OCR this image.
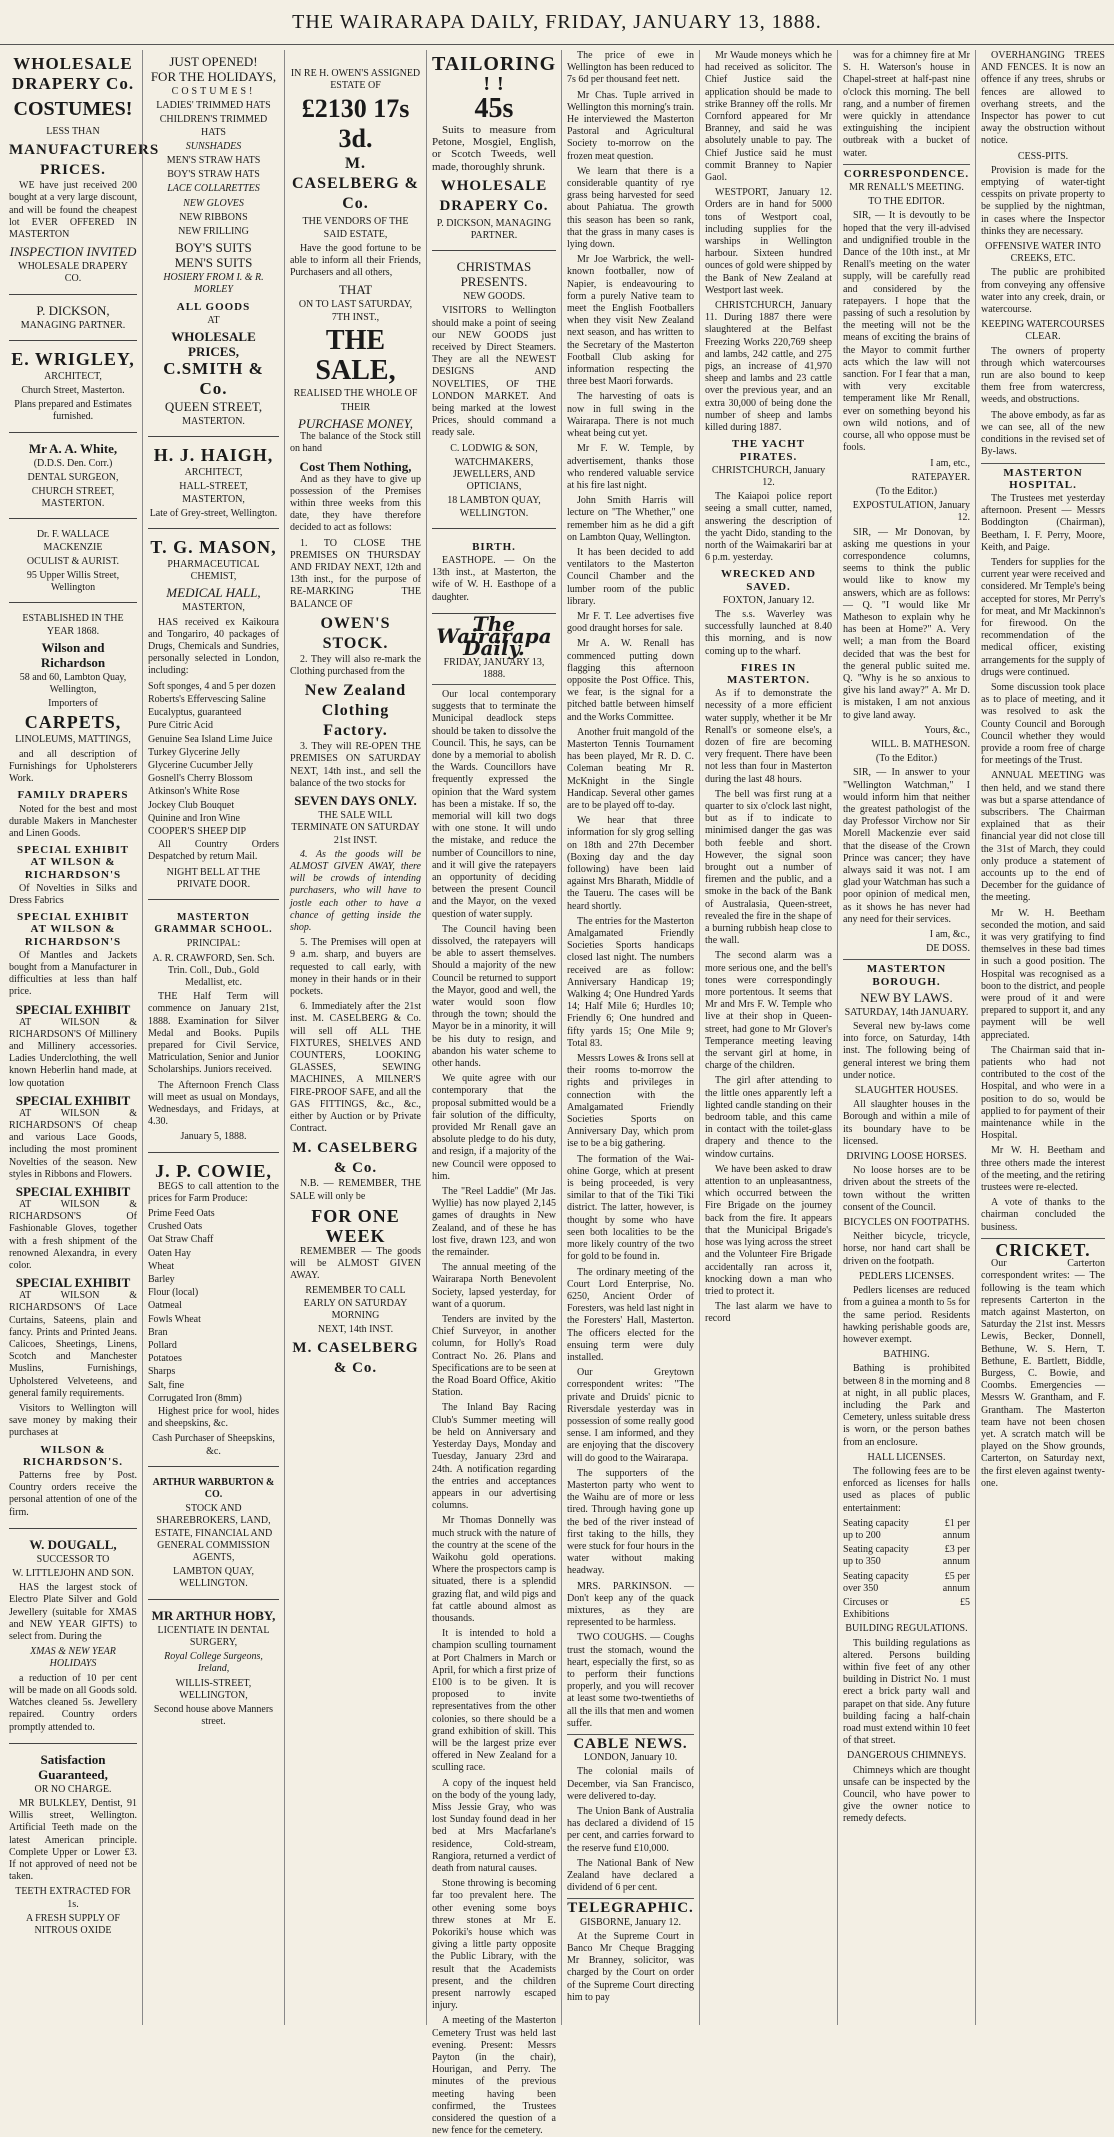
THE WAIRARAPA DAILY, FRIDAY, JANUARY 13, 1888.
WHOLESALE DRAPERY Co.
COSTUMES!
LESS THAN
MANUFACTURERS PRICES.
WE have just received 200 bought at a very large discount, and will be found the cheapest lot EVER OFFERED IN MASTERTON
INSPECTION INVITED
WHOLESALE DRAPERY CO.
P. DICKSON,
MANAGING PARTNER.
E. WRIGLEY,
ARCHITECT,
Church Street, Masterton.
Plans prepared and Estimates furnished.
Mr A. A. White,
(D.D.S. Den. Corr.)
DENTAL SURGEON,
CHURCH STREET, MASTERTON.
Dr. F. WALLACE MACKENZIE
OCULIST & AURIST.
95 Upper Willis Street, Wellington
ESTABLISHED IN THE YEAR 1868.
Wilson and Richardson
58 and 60, Lambton Quay, Wellington,
Importers of
CARPETS,
LINOLEUMS, MATTINGS,
and all description of Furnishings for Upholsterers Work.
FAMILY DRAPERS
Noted for the best and most durable Makers in Manchester and Linen Goods.
SPECIAL EXHIBIT AT WILSON & RICHARDSON'S
Of Novelties in Silks and Dress Fabrics
SPECIAL EXHIBIT AT WILSON & RICHARDSON'S
Of Mantles and Jackets bought from a Manufacturer in difficulties at less than half price.
SPECIAL EXHIBIT
AT WILSON & RICHARDSON'S Of Millinery and Millinery accessories. Ladies Underclothing, the well known Heberlin hand made, at low quotation
SPECIAL EXHIBIT
AT WILSON & RICHARDSON'S Of cheap and various Lace Goods, including the most prominent Novelties of the season. New styles in Ribbons and Flowers.
SPECIAL EXHIBIT
AT WILSON & RICHARDSON'S Of Fashionable Gloves, together with a fresh shipment of the renowned Alexandra, in every color.
SPECIAL EXHIBIT
AT WILSON & RICHARDSON'S Of Lace Curtains, Sateens, plain and fancy. Prints and Printed Jeans. Calicoes, Sheetings, Linens, Scotch and Manchester Muslins, Furnishings, Upholstered Velveteens, and general family requirements.
Visitors to Wellington will save money by making their purchases at
WILSON & RICHARDSON'S.
Patterns free by Post. Country orders receive the personal attention of one of the firm.
W. DOUGALL,
SUCCESSOR TO
W. LITTLEJOHN AND SON.
HAS the largest stock of Electro Plate Silver and Gold Jewellery (suitable for XMAS and NEW YEAR GIFTS) to select from. During the
XMAS & NEW YEAR HOLIDAYS
a reduction of 10 per cent will be made on all Goods sold. Watches cleaned 5s. Jewellery repaired. Country orders promptly attended to.
Satisfaction Guaranteed,
OR NO CHARGE.
MR BULKLEY, Dentist, 91 Willis street, Wellington. Artificial Teeth made on the latest American principle. Complete Upper or Lower £3. If not approved of need not be taken.
TEETH EXTRACTED FOR 1s.
A FRESH SUPPLY OF NITROUS OXIDE
JUST OPENED!
FOR THE HOLIDAYS,
COSTUMES!
LADIES' TRIMMED HATS
CHILDREN'S TRIMMED HATS
SUNSHADES
MEN'S STRAW HATS
BOY'S STRAW HATS
LACE COLLARETTES
NEW GLOVES
NEW RIBBONS
NEW FRILLING
BOY'S SUITS
MEN'S SUITS
HOSIERY FROM I. & R. MORLEY
ALL GOODS
AT
WHOLESALE PRICES,
C.SMITH & Co.
QUEEN STREET,
MASTERTON.
H. J. HAIGH,
ARCHITECT,
HALL-STREET, MASTERTON,
Late of Grey-street, Wellington.
T. G. MASON,
PHARMACEUTICAL CHEMIST,
MEDICAL HALL,
MASTERTON,
HAS received ex Kaikoura and Tongariro, 40 packages of Drugs, Chemicals and Sundries, personally selected in London, including:
Soft sponges, 4 and 5 per dozen
Roberts's Effervescing Saline
Eucalyptus, guaranteed
Pure Citric Acid
Genuine Sea Island Lime Juice
Turkey Glycerine Jelly
Glycerine Cucumber Jelly
Gosnell's Cherry Blossom
Atkinson's White Rose
Jockey Club Bouquet
Quinine and Iron Wine
COOPER'S SHEEP DIP
All Country Orders Despatched by return Mail.
NIGHT BELL AT THE PRIVATE DOOR.
MASTERTON GRAMMAR SCHOOL.
PRINCIPAL:
A. R. CRAWFORD, Sen. Sch. Trin. Coll., Dub., Gold Medallist, etc.
THE Half Term will commence on January 21st, 1888. Examination for Silver Medal and Books. Pupils prepared for Civil Service, Matriculation, Senior and Junior Scholarships. Juniors received.
The Afternoon French Class will meet as usual on Mondays, Wednesdays, and Fridays, at 4.30.
January 5, 1888.
J. P. COWIE,
BEGS to call attention to the prices for Farm Produce:
Prime Feed Oats
Crushed Oats
Oat Straw Chaff
Oaten Hay
Wheat
Barley
Flour (local)
Oatmeal
Fowls Wheat
Bran
Pollard
Potatoes
Sharps
Salt, fine
Corrugated Iron (8mm)
Highest price for wool, hides and sheepskins, &c.
Cash Purchaser of Sheepskins, &c.
ARTHUR WARBURTON & CO.
STOCK AND SHAREBROKERS, LAND, ESTATE, FINANCIAL AND GENERAL COMMISSION AGENTS,
LAMBTON QUAY, WELLINGTON.
MR ARTHUR HOBY,
LICENTIATE IN DENTAL SURGERY,
Royal College Surgeons, Ireland,
WILLIS-STREET, WELLINGTON,
Second house above Manners street.
IN RE H. OWEN'S ASSIGNED ESTATE OF
£2130 17s 3d.
M. CASELBERG & Co.
THE VENDORS OF THE SAID ESTATE,
Have the good fortune to be able to inform all their Friends, Purchasers and all others,
THAT
ON TO LAST SATURDAY, 7TH INST.,
THE SALE,
REALISED THE WHOLE OF
THEIR
PURCHASE MONEY,
The balance of the Stock still on hand
Cost Them Nothing,
And as they have to give up possession of the Premises within three weeks from this date, they have therefore decided to act as follows:
1. TO CLOSE THE PREMISES ON THURSDAY AND FRIDAY NEXT, 12th and 13th inst., for the purpose of RE-MARKING THE BALANCE OF
OWEN'S STOCK.
2. They will also re-mark the Clothing purchased from the
New Zealand Clothing Factory.
3. They will RE-OPEN THE PREMISES ON SATURDAY NEXT, 14th inst., and sell the balance of the two stocks for
SEVEN DAYS ONLY.
THE SALE WILL TERMINATE ON SATURDAY 21st INST.
4. As the goods will be ALMOST GIVEN AWAY, there will be crowds of intending purchasers, who will have to jostle each other to have a chance of getting inside the shop.
5. The Premises will open at 9 a.m. sharp, and buyers are requested to call early, with money in their hands or in their pockets.
6. Immediately after the 21st inst. M. CASELBERG & Co. will sell off ALL THE FIXTURES, SHELVES AND COUNTERS, LOOKING GLASSES, SEWING MACHINES, A MILNER'S FIRE-PROOF SAFE, and all the GAS FITTINGS, &c., &c., either by Auction or by Private Contract.
M. CASELBERG & Co.
N.B. — REMEMBER, THE SALE will only be
FOR ONE WEEK
REMEMBER — The goods will be ALMOST GIVEN AWAY.
REMEMBER TO CALL EARLY ON SATURDAY MORNING
NEXT, 14th INST.
M. CASELBERG & Co.
TAILORING ! !
45s
Suits to measure from Petone, Mosgiel, English, or Scotch Tweeds, well made, thoroughly shrunk.
WHOLESALE DRAPERY Co.
P. DICKSON, MANAGING PARTNER.
CHRISTMAS PRESENTS.
NEW GOODS.
VISITORS to Wellington should make a point of seeing our NEW GOODS just received by Direct Steamers. They are all the NEWEST DESIGNS AND NOVELTIES, OF THE LONDON MARKET. And being marked at the lowest Prices, should command a ready sale.
C. LODWIG & SON,
WATCHMAKERS, JEWELLERS, AND OPTICIANS,
18 LAMBTON QUAY, WELLINGTON.
BIRTH.
EASTHOPE. — On the 13th inst., at Masterton, the wife of W. H. Easthope of a daughter.
The Wairarapa Daily.
FRIDAY, JANUARY 13, 1888.
Our local contemporary suggests that to terminate the Municipal deadlock steps should be taken to dissolve the Council. This, he says, can be done by a memorial to abolish the Wards. Councillors have frequently expressed the opinion that the Ward system has been a mistake. If so, the memorial will kill two dogs with one stone. It will undo the mistake, and reduce the number of Councillors to nine, and it will give the ratepayers an opportunity of deciding between the present Council and the Mayor, on the vexed question of water supply.
The Council having been dissolved, the ratepayers will be able to assert themselves. Should a majority of the new Council be returned to support the Mayor, good and well, the water would soon flow through the town; should the Mayor be in a minority, it will be his duty to resign, and abandon his water scheme to other hands.
We quite agree with our contemporary that the proposal submitted would be a fair solution of the difficulty, provided Mr Renall gave an absolute pledge to do his duty, and resign, if a majority of the new Council were opposed to him.
The "Reel Laddie" (Mr Jas. Wyllie) has now played 2,145 games of draughts in New Zealand, and of these he has lost five, drawn 123, and won the remainder.
The annual meeting of the Wairarapa North Benevolent Society, lapsed yesterday, for want of a quorum.
Tenders are invited by the Chief Surveyor, in another column, for Holly's Road Contract No. 26. Plans and Specifications are to be seen at the Road Board Office, Akitio Station.
The Inland Bay Racing Club's Summer meeting will be held on Anniversary and Yesterday Days, Monday and Tuesday, January 23rd and 24th. A notification regarding the entries and acceptances appears in our advertising columns.
Mr Thomas Donnelly was much struck with the nature of the country at the scene of the Waikohu gold operations. Where the prospectors camp is situated, there is a splendid grazing flat, and wild pigs and fat cattle abound almost as thousands.
It is intended to hold a champion sculling tournament at Port Chalmers in March or April, for which a first prize of £100 is to be given. It is proposed to invite representatives from the other colonies, so there should be a grand exhibition of skill. This will be the largest prize ever offered in New Zealand for a sculling race.
A copy of the inquest held on the body of the young lady, Miss Jessie Gray, who was lost Sunday found dead in her bed at Mrs Macfarlane's residence, Cold-stream, Rangiora, returned a verdict of death from natural causes.
Stone throwing is becoming far too prevalent here. The other evening some boys threw stones at Mr E. Pokoriki's house which was giving a little party opposite the Public Library, with the result that the Academists present, and the children present narrowly escaped injury.
A meeting of the Masterton Cemetery Trust was held last evening. Present: Messrs Payton (in the chair), Hourigan, and Perry. The minutes of the previous meeting having been confirmed, the Trustees considered the question of a new fence for the cemetery.
The price of ewe in Wellington has been reduced to 7s 6d per thousand feet nett.
Mr Chas. Tuple arrived in Wellington this morning's train. He interviewed the Masterton Pastoral and Agricultural Society to-morrow on the frozen meat question.
We learn that there is a considerable quantity of rye grass being harvested for seed about Pahiatua. The growth this season has been so rank, that the grass in many cases is lying down.
Mr Joe Warbrick, the well-known footballer, now of Napier, is endeavouring to form a purely Native team to meet the English Footballers when they visit New Zealand next season, and has written to the Secretary of the Masterton Football Club asking for information respecting the three best Maori forwards.
The harvesting of oats is now in full swing in the Wairarapa. There is not much wheat being cut yet.
Mr F. W. Temple, by advertisement, thanks those who rendered valuable service at his fire last night.
John Smith Harris will lecture on "The Whether," one remember him as he did a gift on Lambton Quay, Wellington.
It has been decided to add ventilators to the Masterton Council Chamber and the lumber room of the public library.
Mr F. T. Lee advertises five good draught horses for sale.
Mr A. W. Renall has commenced putting down flagging this afternoon opposite the Post Office. This, we fear, is the signal for a pitched battle between himself and the Works Committee.
Another fruit mangold of the Masterton Tennis Tournament has been played, Mr R. D. C. Coleman beating Mr R. McKnight in the Single Handicap. Several other games are to be played off to-day.
We hear that three information for sly grog selling on 18th and 27th December (Boxing day and the day following) have been laid against Mrs Bharath, Middle of the Taueru. The cases will be heard shortly.
The entries for the Masterton Amalgamated Friendly Societies Sports handicaps closed last night. The numbers received are as follow: Anniversary Handicap 19; Walking 4; One Hundred Yards 14; Half Mile 6; Hurdles 10; Friendly 6; One hundred and fifty yards 15; One Mile 9; Total 83.
Messrs Lowes & Irons sell at their rooms to-morrow the rights and privileges in connection with the Amalgamated Friendly Societies Sports on Anniversary Day, which prom ise to be a big gathering.
The formation of the Wai-ohine Gorge, which at present is being proceeded, is very similar to that of the Tiki Tiki district. The latter, however, is thought by some who have seen both localities to be the more likely country of the two for gold to be found in.
The ordinary meeting of the Court Lord Enterprise, No. 6250, Ancient Order of Foresters, was held last night in the Foresters' Hall, Masterton. The officers elected for the ensuing term were duly installed.
Our Greytown correspondent writes: "The private and Druids' picnic to Riversdale yesterday was in possession of some really good sense. I am informed, and they are enjoying that the discovery will do good to the Wairarapa.
The supporters of the Masterton party who went to the Waihu are of more or less tired. Through having gone up the bed of the river instead of first taking to the hills, they were stuck for four hours in the water without making headway.
MRS. PARKINSON. — Don't keep any of the quack mixtures, as they are represented to be harmless.
TWO COUGHS. — Coughs trust the stomach, wound the heart, especially the first, so as to perform their functions properly, and you will recover at least some two-twentieths of all the ills that men and women suffer.
CABLE NEWS.
LONDON, January 10.
The colonial mails of December, via San Francisco, were delivered to-day.
The Union Bank of Australia has declared a dividend of 15 per cent, and carries forward to the reserve fund £10,000.
The National Bank of New Zealand have declared a dividend of 6 per cent.
TELEGRAPHIC.
GISBORNE, January 12.
At the Supreme Court in Banco Mr Cheque Bragging Mr Branney, solicitor, was charged by the Court on order of the Supreme Court directing him to pay
Mr Waude moneys which he had received as solicitor. The Chief Justice said the application should be made to strike Branney off the rolls. Mr Cornford appeared for Mr Branney, and said he was absolutely unable to pay. The Chief Justice said he must commit Branney to Napier Gaol.
WESTPORT, January 12. Orders are in hand for 5000 tons of Westport coal, including supplies for the warships in Wellington harbour. Sixteen hundred ounces of gold were shipped by the Bank of New Zealand at Westport last week.
CHRISTCHURCH, January 11. During 1887 there were slaughtered at the Belfast Freezing Works 220,769 sheep and lambs, 242 cattle, and 275 pigs, an increase of 41,970 sheep and lambs and 23 cattle over the previous year, and an extra 30,000 of being done the number of sheep and lambs killed during 1887.
THE YACHT PIRATES.
CHRISTCHURCH, January 12.
The Kaiapoi police report seeing a small cutter, named, answering the description of the yacht Dido, standing to the north of the Waimakariri bar at 6 p.m. yesterday.
WRECKED AND SAVED.
FOXTON, January 12.
The s.s. Waverley was successfully launched at 8.40 this morning, and is now coming up to the wharf.
FIRES IN MASTERTON.
As if to demonstrate the necessity of a more efficient water supply, whether it be Mr Renall's or someone else's, a dozen of fire are becoming very frequent. There have been not less than four in Masterton during the last 48 hours.
The bell was first rung at a quarter to six o'clock last night, but as if to indicate to minimised danger the gas was both feeble and short. However, the signal soon brought out a number of firemen and the public, and a smoke in the back of the Bank of Australasia, Queen-street, revealed the fire in the shape of a burning rubbish heap close to the wall.
The second alarm was a more serious one, and the bell's tones were correspondingly more portentous. It seems that Mr and Mrs F. W. Temple who live at their shop in Queen-street, had gone to Mr Glover's Temperance meeting leaving the servant girl at home, in charge of the children.
The girl after attending to the little ones apparently left a lighted candle standing on their bedroom table, and this came in contact with the toilet-glass drapery and thence to the window curtains.
We have been asked to draw attention to an unpleasantness, which occurred between the Fire Brigade on the journey back from the fire. It appears that the Municipal Brigade's hose was lying across the street and the Volunteer Fire Brigade accidentally ran across it, knocking down a man who tried to protect it.
The last alarm we have to record
was for a chimney fire at Mr S. H. Waterson's house in Chapel-street at half-past nine o'clock this morning. The bell rang, and a number of firemen were quickly in attendance extinguishing the incipient outbreak with a bucket of water.
CORRESPONDENCE.
MR RENALL'S MEETING.
TO THE EDITOR.
SIR, — It is devoutly to be hoped that the very ill-advised and undignified trouble in the Dance of the 10th inst., at Mr Renall's meeting on the water supply, will be carefully read and considered by the ratepayers. I hope that the passing of such a resolution by the meeting will not be the means of exciting the brains of the Mayor to commit further acts which the law will not sanction. For I fear that a man, with very excitable temperament like Mr Renall, ever on something beyond his own wild notions, and of course, all who oppose must be fools.
I am, etc.,
RATEPAYER.
(To the Editor.)
EXPOSTULATION, January 12.
SIR, — Mr Donovan, by asking me questions in your correspondence columns, seems to think the public would like to know my answers, which are as follows: — Q. "I would like Mr Matheson to explain why he has been at Home?" A. Very well; a man from the Board decided that was the best for the general public suited me. Q. "Why is he so anxious to give his land away?" A. Mr D. is mistaken, I am not anxious to give land away.
Yours, &c.,
WILL. B. MATHESON.
(To the Editor.)
SIR, — In answer to your "Wellington Watchman," I would inform him that neither the greatest pathologist of the day Professor Virchow nor Sir Morell Mackenzie ever said that the disease of the Crown Prince was cancer; they have always said it was not. I am glad your Watchman has such a poor opinion of medical men, as it shows he has never had any need for their services.
I am, &c.,
DE DOSS.
MASTERTON BOROUGH.
NEW BY LAWS.
SATURDAY, 14th JANUARY.
Several new by-laws come into force, on Saturday, 14th inst. The following being of general interest we bring them under notice.
SLAUGHTER HOUSES.
All slaughter houses in the Borough and within a mile of its boundary have to be licensed.
DRIVING LOOSE HORSES.
No loose horses are to be driven about the streets of the town without the written consent of the Council.
BICYCLES ON FOOTPATHS.
Neither bicycle, tricycle, horse, nor hand cart shall be driven on the footpath.
PEDLERS LICENSES.
Pedlers licenses are reduced from a guinea a month to 5s for the same period. Residents hawking perishable goods are, however exempt.
BATHING.
Bathing is prohibited between 8 in the morning and 8 at night, in all public places, including the Park and Cemetery, unless suitable dress is worn, or the person bathes from an enclosure.
HALL LICENSES.
The following fees are to be enforced as licenses for halls used as places of public entertainment:
Seating capacity up to 200
£1 per annum
Seating capacity up to 350
£3 per annum
Seating capacity over 350
£5 per annum
Circuses or Exhibitions
£5
BUILDING REGULATIONS.
This building regulations as altered. Persons building within five feet of any other building in District No. 1 must erect a brick party wall and parapet on that side. Any future building facing a half-chain road must extend within 10 feet of that street.
DANGEROUS CHIMNEYS.
Chimneys which are thought unsafe can be inspected by the Council, who have power to give the owner notice to remedy defects.
OVERHANGING TREES AND FENCES. It is now an offence if any trees, shrubs or fences are allowed to overhang streets, and the Inspector has power to cut away the obstruction without notice.
CESS-PITS.
Provision is made for the emptying of water-tight cesspits on private property to be supplied by the nightman, in cases where the Inspector thinks they are necessary.
OFFENSIVE WATER INTO CREEKS, ETC.
The public are prohibited from conveying any offensive water into any creek, drain, or watercourse.
KEEPING WATERCOURSES CLEAR.
The owners of property through which watercourses run are also bound to keep them free from watercress, weeds, and obstructions.
The above embody, as far as we can see, all of the new conditions in the revised set of By-laws.
MASTERTON HOSPITAL.
The Trustees met yesterday afternoon. Present — Messrs Boddington (Chairman), Beetham, I. F. Perry, Moore, Keith, and Paige.
Tenders for supplies for the current year were received and considered. Mr Temple's being accepted for stores, Mr Perry's for meat, and Mr Mackinnon's for firewood. On the recommendation of the medical officer, existing arrangements for the supply of drugs were continued.
Some discussion took place as to place of meeting, and it was resolved to ask the County Council and Borough Council whether they would provide a room free of charge for meetings of the Trust.
ANNUAL MEETING was then held, and we stand there was but a sparse attendance of subscribers. The Chairman explained that as their financial year did not close till the 31st of March, they could only produce a statement of accounts up to the end of December for the guidance of the meeting.
Mr W. H. Beetham seconded the motion, and said it was very gratifying to find themselves in these bad times in such a good position. The Hospital was recognised as a boon to the district, and people were proud of it and were prepared to support it, and any payment will be well appreciated.
The Chairman said that in-patients who had not contributed to the cost of the Hospital, and who were in a position to do so, would be applied to for payment of their maintenance while in the Hospital.
Mr W. H. Beetham and three others made the interest of the meeting, and the retiring trustees were re-elected.
A vote of thanks to the chairman concluded the business.
CRICKET.
Our Carterton correspondent writes: — The following is the team which represents Carterton in the match against Masterton, on Saturday the 21st inst. Messrs Lewis, Becker, Donnell, Bethune, W. S. Hern, T. Bethune, E. Bartlett, Biddle, Burgess, C. Bowie, and Coombs. Emergencies — Messrs W. Grantham, and F. Grantham. The Masterton team have not been chosen yet. A scratch match will be played on the Show grounds, Carterton, on Saturday next, the first eleven against twenty-one.
